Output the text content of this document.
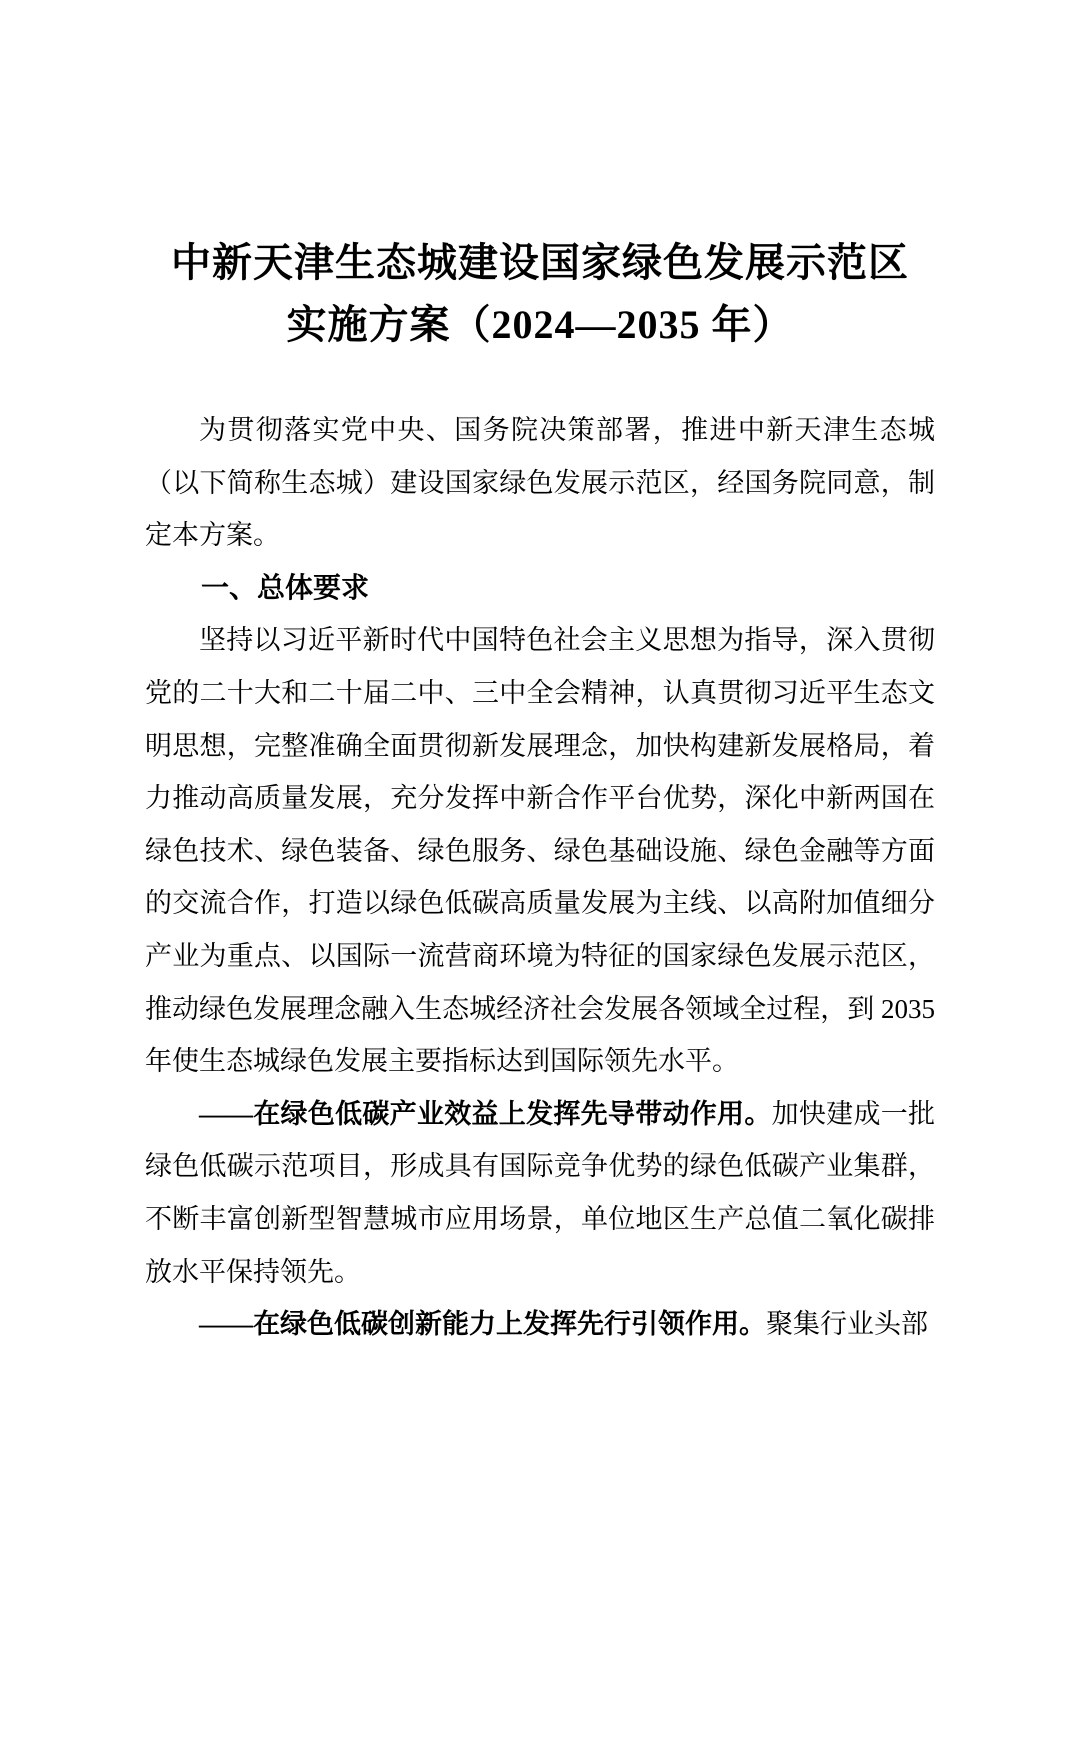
中新天津生态城建设国家绿色发展示范区
实施方案（2024—2035 年）

为贯彻落实党中央、国务院决策部署，推进中新天津生态城（以下简称生态城）建设国家绿色发展示范区，经国务院同意，制定本方案。

一、总体要求

坚持以习近平新时代中国特色社会主义思想为指导，深入贯彻党的二十大和二十届二中、三中全会精神，认真贯彻习近平生态文明思想，完整准确全面贯彻新发展理念，加快构建新发展格局，着力推动高质量发展，充分发挥中新合作平台优势，深化中新两国在绿色技术、绿色装备、绿色服务、绿色基础设施、绿色金融等方面的交流合作，打造以绿色低碳高质量发展为主线、以高附加值细分产业为重点、以国际一流营商环境为特征的国家绿色发展示范区，推动绿色发展理念融入生态城经济社会发展各领域全过程，到 2035 年使生态城绿色发展主要指标达到国际领先水平。

——在绿色低碳产业效益上发挥先导带动作用。加快建成一批绿色低碳示范项目，形成具有国际竞争优势的绿色低碳产业集群，不断丰富创新型智慧城市应用场景，单位地区生产总值二氧化碳排放水平保持领先。

——在绿色低碳创新能力上发挥先行引领作用。聚集行业头部
